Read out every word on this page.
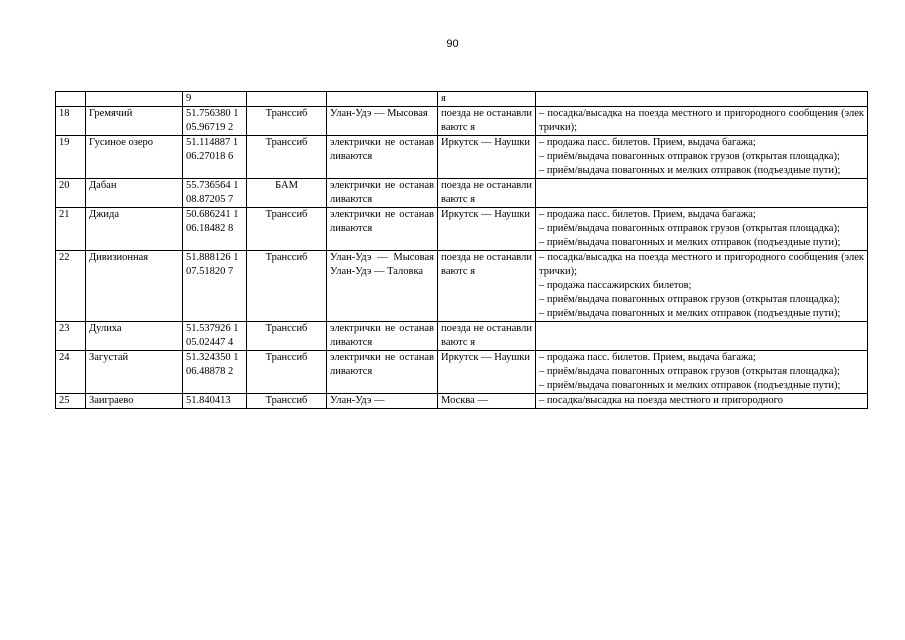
90
		9			я	

18	Гремячий	51.756380 105.96719 2	Транссиб	Улан-Удэ — Мысовая	поезда не останавливаютс я	– посадка/высадка на поезда местного и пригородного сообщения (электрички);

19	Гусиное озеро	51.114887 106.27018 6	Транссиб	электрички не останавливаются	Иркутск — Наушки	– продажа пасс. билетов. Прием, выдача багажа;
– приём/выдача повагонных отправок грузов (открытая площадка);
– приём/выдача повагонных и мелких отправок (подъездные пути);

20	Дабан	55.736564 108.87205 7	БАМ	электрички не останавливаются	поезда не останавливаютс я	

21	Джида	50.686241 106.18482 8	Транссиб	электрички не останавливаются	Иркутск — Наушки	– продажа пасс. билетов. Прием, выдача багажа;
– приём/выдача повагонных отправок грузов (открытая площадка);
– приём/выдача повагонных и мелких отправок (подъездные пути);

22	Дивизионная	51.888126 107.51820 7	Транссиб	Улан-Удэ — Мысовая Улан-Удэ — Таловка	поезда не останавливаютс я	– посадка/высадка на поезда местного и пригородного сообщения (электрички);
– продажа пассажирских билетов;
– приём/выдача повагонных отправок грузов (открытая площадка);
– приём/выдача повагонных и мелких отправок (подъездные пути);

23	Дулиха	51.537926 105.02447 4	Транссиб	электрички не останавливаются	поезда не останавливаютс я	

24	Загустай	51.324350 106.48878 2	Транссиб	электрички не останавливаются	Иркутск — Наушки	– продажа пасс. билетов. Прием, выдача багажа;
– приём/выдача повагонных отправок грузов (открытая площадка);
– приём/выдача повагонных и мелких отправок (подъездные пути);

25	Заиграево	51.840413	Транссиб	Улан-Удэ —	Москва —	– посадка/высадка на поезда местного и пригородного
